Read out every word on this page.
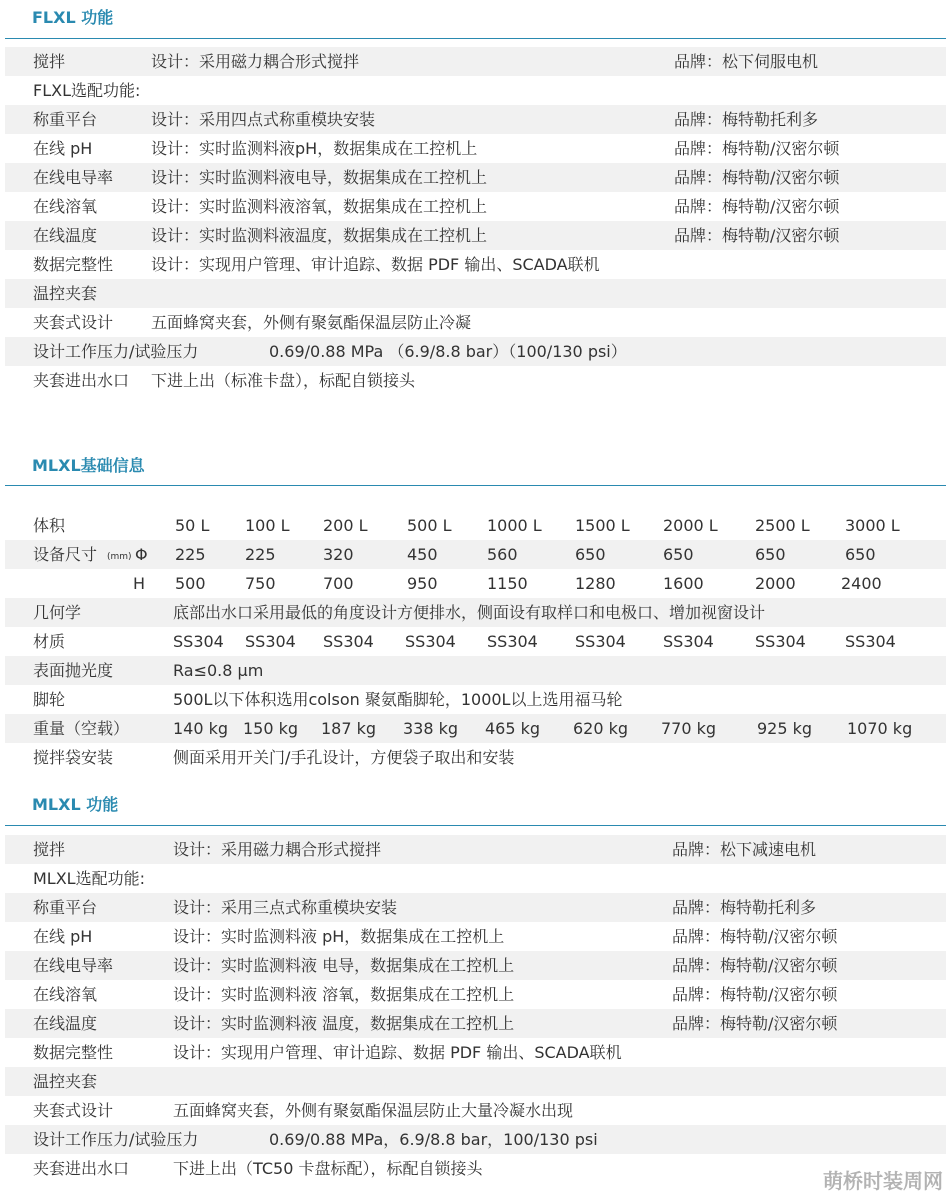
FLXL 功能
搅拌	设计：采用磁力耦合形式搅拌	品牌：松下伺服电机
FLXL选配功能:
称重平台	设计：采用四点式称重模块安装	品牌：梅特勒托利多
在线 pH	设计：实时监测料液pH，数据集成在工控机上	品牌：梅特勒/汉密尔顿
在线电导率 设计：实时监测料液电导，数据集成在工控机上	品牌：梅特勒/汉密尔顿
在线溶氧	设计：实时监测料液溶氧，数据集成在工控机上	品牌：梅特勒/汉密尔顿
在线温度	设计：实时监测料液温度，数据集成在工控机上	品牌：梅特勒/汉密尔顿
数据完整性 设计：实现用户管理、审计追踪、数据 PDF 输出、SCADA联机
温控夹套
夹套式设计 五面蜂窝夹套，外侧有聚氨酯保温层防止冷凝
设计工作压力/试验压力	0.69/0.88 MPa （6.9/8.8 bar）（100/130 psi）
夹套进出水口 下进上出（标准卡盘），标配自锁接头
MLXL基础信息
体积	50 L 100 L 200 L 500 L 1000 L 1500 L 2000 L 2500 L 3000 L
设备尺寸 (mm) Φ 225 225	320	450	560	650	650	650	650
H 500 750	700	950	1150	1280	1600	2000	2400
几何学	底部出水口采用最低的角度设计方便排水，侧面设有取样口和电极口、增加视窗设计
材质	SS304 SS304 SS304 SS304 SS304 SS304 SS304	SS304 SS304
表面抛光度	Ra≤0.8 μm
脚轮	500L以下体积选用colson 聚氨酯脚轮，1000L以上选用福马轮
重量（空载）	140 kg 150 kg 187 kg 338 kg 465 kg 620 kg 770 kg	925 kg 1070 kg
搅拌袋安装	侧面采用开关门/手孔设计，方便袋子取出和安装
MLXL 功能
搅拌	设计：采用磁力耦合形式搅拌	品牌：松下减速电机
MLXL选配功能:
称重平台	设计：采用三点式称重模块安装	品牌：梅特勒托利多
在线 pH	设计：实时监测料液 pH，数据集成在工控机上	品牌：梅特勒/汉密尔顿
在线电导率	设计：实时监测料液 电导，数据集成在工控机上	品牌：梅特勒/汉密尔顿
在线溶氧	设计：实时监测料液 溶氧，数据集成在工控机上	品牌：梅特勒/汉密尔顿
在线温度	设计：实时监测料液 温度，数据集成在工控机上	品牌：梅特勒/汉密尔顿
数据完整性	设计：实现用户管理、审计追踪、数据 PDF 输出、SCADA联机
温控夹套
夹套式设计	五面蜂窝夹套，外侧有聚氨酯保温层防止大量冷凝水出现
设计工作压力/试验压力	0.69/0.88 MPa，6.9/8.8 bar，100/130 psi
夹套进出水口	下进上出（TC50 卡盘标配），标配自锁接头
萌桥时装周网
